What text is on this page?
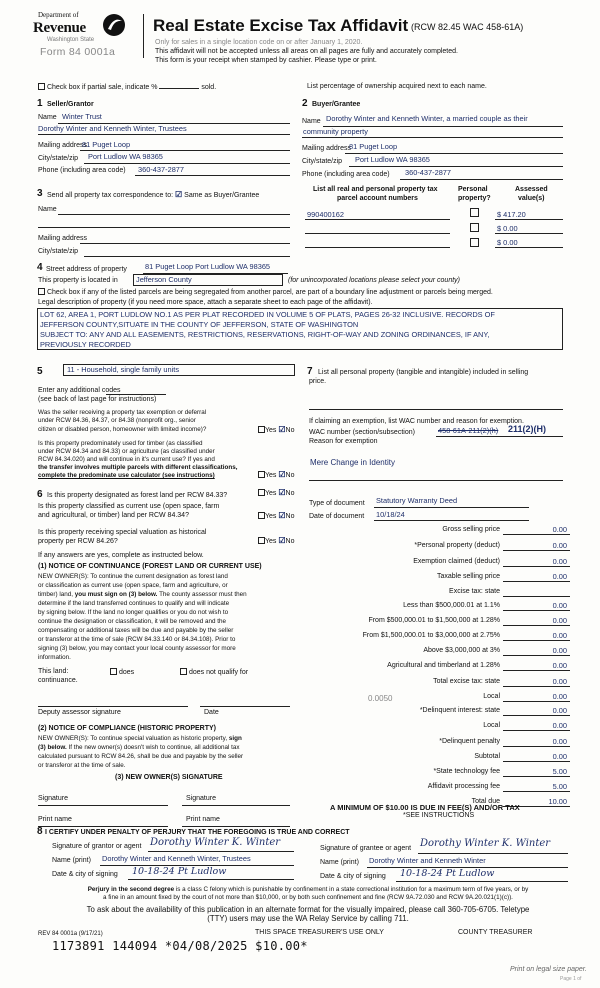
Department of
Revenue
Washington State
Form 84 0001a
Real Estate Excise Tax Affidavit (RCW 82.45 WAC 458-61A)
Only for sales in a single location code on or after January 1, 2020.
This affidavit will not be accepted unless all areas on all pages are fully and accurately completed.
This form is your receipt when stamped by cashier. Please type or print.
Check box if partial sale, indicate %	sold.	List percentage of ownership acquired next to each name.
1 Seller/Grantor
Name Winter Trust
Dorothy Winter and Kenneth Winter, Trustees
Mailing address
81 Puget Loop
City/state/zip Port Ludlow WA 98365
Phone (including area code) 360-437-2877
2 Buyer/Grantee
Name Dorothy Winter and Kenneth Winter, a married couple as their
community property
Mailing address
81 Puget Loop
City/state/zip Port Ludlow WA 98365
Phone (including area code) 360-437-2877
3 Send all property tax correspondence to: ☑ Same as Buyer/Grantee
Name
Mailing address
City/state/zip
List all real and personal property tax
parcel account numbers
Personal
property?
Assessed
value(s)
990400162	$ 417.20
$ 0.00
$ 0.00
4 Street address of property 81 Puget Loop Port Ludlow WA 98365
This property is located in	Jefferson County	(for unincorporated locations please select your county)
Check box if any of the listed parcels are being segregated from another parcel, are part of a boundary line adjustment or parcels being merged.
Legal description of property (if you need more space, attach a separate sheet to each page of the affidavit).
LOT 62, AREA 1, PORT LUDLOW NO.1 AS PER PLAT RECORDED IN VOLUME 5 OF PLATS, PAGES 26-32 INCLUSIVE. RECORDS OF
JEFFERSON COUNTY,SITUATE IN THE COUNTY OF JEFFERSON, STATE OF WASHINGTON
SUBJECT TO: ANY AND ALL EASEMENTS, RESTRICTIONS, RESERVATIONS, RIGHT-OF-WAY AND ZONING ORDINANCES, IF ANY,
PREVIOUSLY RECORDED
5	11 - Household, single family units
Enter any additional codes
(see back of last page for instructions)
Was the seller receiving a property tax exemption or deferral
under RCW 84.36, 84.37, or 84.38 (nonprofit org., senior
citizen or disabled person, homeowner with limited income)?	Yes ☑No
Is this property predominately used for timber (as classified
under RCW 84.34 and 84.33) or agriculture (as classified under
RCW 84.34.020) and will continue in it's current use? If yes and
the transfer involves multiple parcels with different classifications,
complete the predominate use calculator (see instructions)	Yes ☑No
6 Is this property designated as forest land per RCW 84.33?	Yes ☑No
Is this property classified as current use (open space, farm
and agricultural, or timber) land per RCW 84.34?	Yes ☑No
Is this property receiving special valuation as historical
property per RCW 84.26?	Yes ☑No
If any answers are yes, complete as instructed below.
(1) NOTICE OF CONTINUANCE (FOREST LAND OR CURRENT USE)
NEW OWNER(S): To continue the current designation as forest land
or classification as current use (open space, farm and agriculture, or
timber) land, you must sign on (3) below. The county assessor must then
determine if the land transferred continues to qualify and will indicate
by signing below. If the land no longer qualifies or you do not wish to
continue the designation or classification, it will be removed and the
compensating or additional taxes will be due and payable by the seller
or transferor at the time of sale (RCW 84.33.140 or 84.34.108). Prior to
signing (3) below, you may contact your local county assessor for more
information.
This land:	does	does not qualify for
continuance.
Deputy assessor signature	Date
(2) NOTICE OF COMPLIANCE (HISTORIC PROPERTY)
NEW OWNER(S): To continue special valuation as historic property, sign
(3) below. If the new owner(s) doesn't wish to continue, all additional tax
calculated pursuant to RCW 84.26, shall be due and payable by the seller
or transferor at the time of sale.
(3) NEW OWNER(S) SIGNATURE
Signature	Signature
Print name	Print name
7 List all personal property (tangible and intangible) included in selling
price.
If claiming an exemption, list WAC number and reason for exemption.
WAC number (section/subsection)	458-61A-211(2)(h) 211(2)(H)
Reason for exemption
Mere Change in Identity
Type of document Statutory Warranty Deed
Date of document 10/18/24
Gross selling price	0.00
*Personal property (deduct)	0.00
Exemption claimed (deduct)	0.00
Taxable selling price	0.00
Excise tax: state
Less than $500,000.01 at 1.1%	0.00
From $500,000.01 to $1,500,000 at 1.28%	0.00
From $1,500,000.01 to $3,000,000 at 2.75%	0.00
Above $3,000,000 at 3%	0.00
Agricultural and timberland at 1.28%	0.00
Total excise tax: state	0.00
Local	0.00
*Delinquent interest: state	0.00
Local	0.00
*Delinquent penalty	0.00
Subtotal	0.00
*State technology fee	5.00
Affidavit processing fee	5.00
Total due	10.00
0.0050
A MINIMUM OF $10.00 IS DUE IN FEE(S) AND/OR TAX
*SEE INSTRUCTIONS
8 I CERTIFY UNDER PENALTY OF PERJURY THAT THE FOREGOING IS TRUE AND CORRECT
Signature of grantor or agent Dorothy Winter K. Winter
Name (print) Dorothy Winter and Kenneth Winter, Trustees
Date & city of signing 10-18-24 Pt Ludlow
Signature of grantee or agent Dorothy Winter K. Winter
Name (print) Dorothy Winter and Kenneth Winter
Date & city of signing 10-18-24 Pt Ludlow
Perjury in the second degree is a class C felony which is punishable by confinement in a state correctional institution for a maximum term of five years, or by
a fine in an amount fixed by the court of not more than $10,000, or by both such confinement and fine (RCW 9A.72.030 and RCW 9A.20.021(1)(c)).
To ask about the availability of this publication in an alternate format for the visually impaired, please call 360-705-6705. Teletype
(TTY) users may use the WA Relay Service by calling 711.
REV 84 0001a (9/17/21)	THIS SPACE TREASURER'S USE ONLY	COUNTY TREASURER
1173891 144094 *04/08/2025 $10.00*
Print on legal size paper.
Page 1 of
